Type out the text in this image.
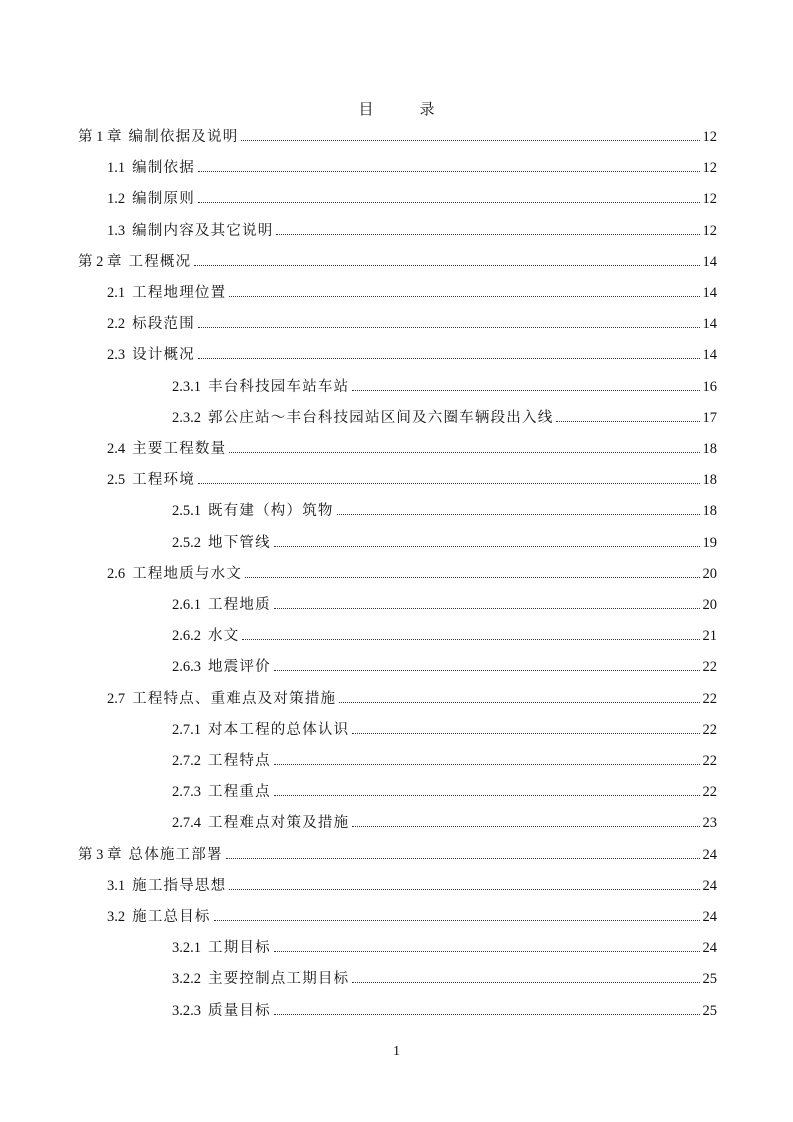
目	录
第 1 章 编制依据及说明	12
1.1 编制依据	12
1.2 编制原则	12
1.3 编制内容及其它说明	12
第 2 章 工程概况	14
2.1 工程地理位置	14
2.2 标段范围	14
2.3 设计概况	14
2.3.1 丰台科技园车站车站	16
2.3.2 郭公庄站～丰台科技园站区间及六圈车辆段出入线	17
2.4 主要工程数量	18
2.5 工程环境	18
2.5.1 既有建（构）筑物	18
2.5.2 地下管线	19
2.6 工程地质与水文	20
2.6.1 工程地质	20
2.6.2 水文	21
2.6.3 地震评价	22
2.7 工程特点、重难点及对策措施	22
2.7.1 对本工程的总体认识	22
2.7.2 工程特点	22
2.7.3 工程重点	22
2.7.4 工程难点对策及措施	23
第 3 章 总体施工部署	24
3.1 施工指导思想	24
3.2 施工总目标	24
3.2.1 工期目标	24
3.2.2 主要控制点工期目标	25
3.2.3 质量目标	25
1
